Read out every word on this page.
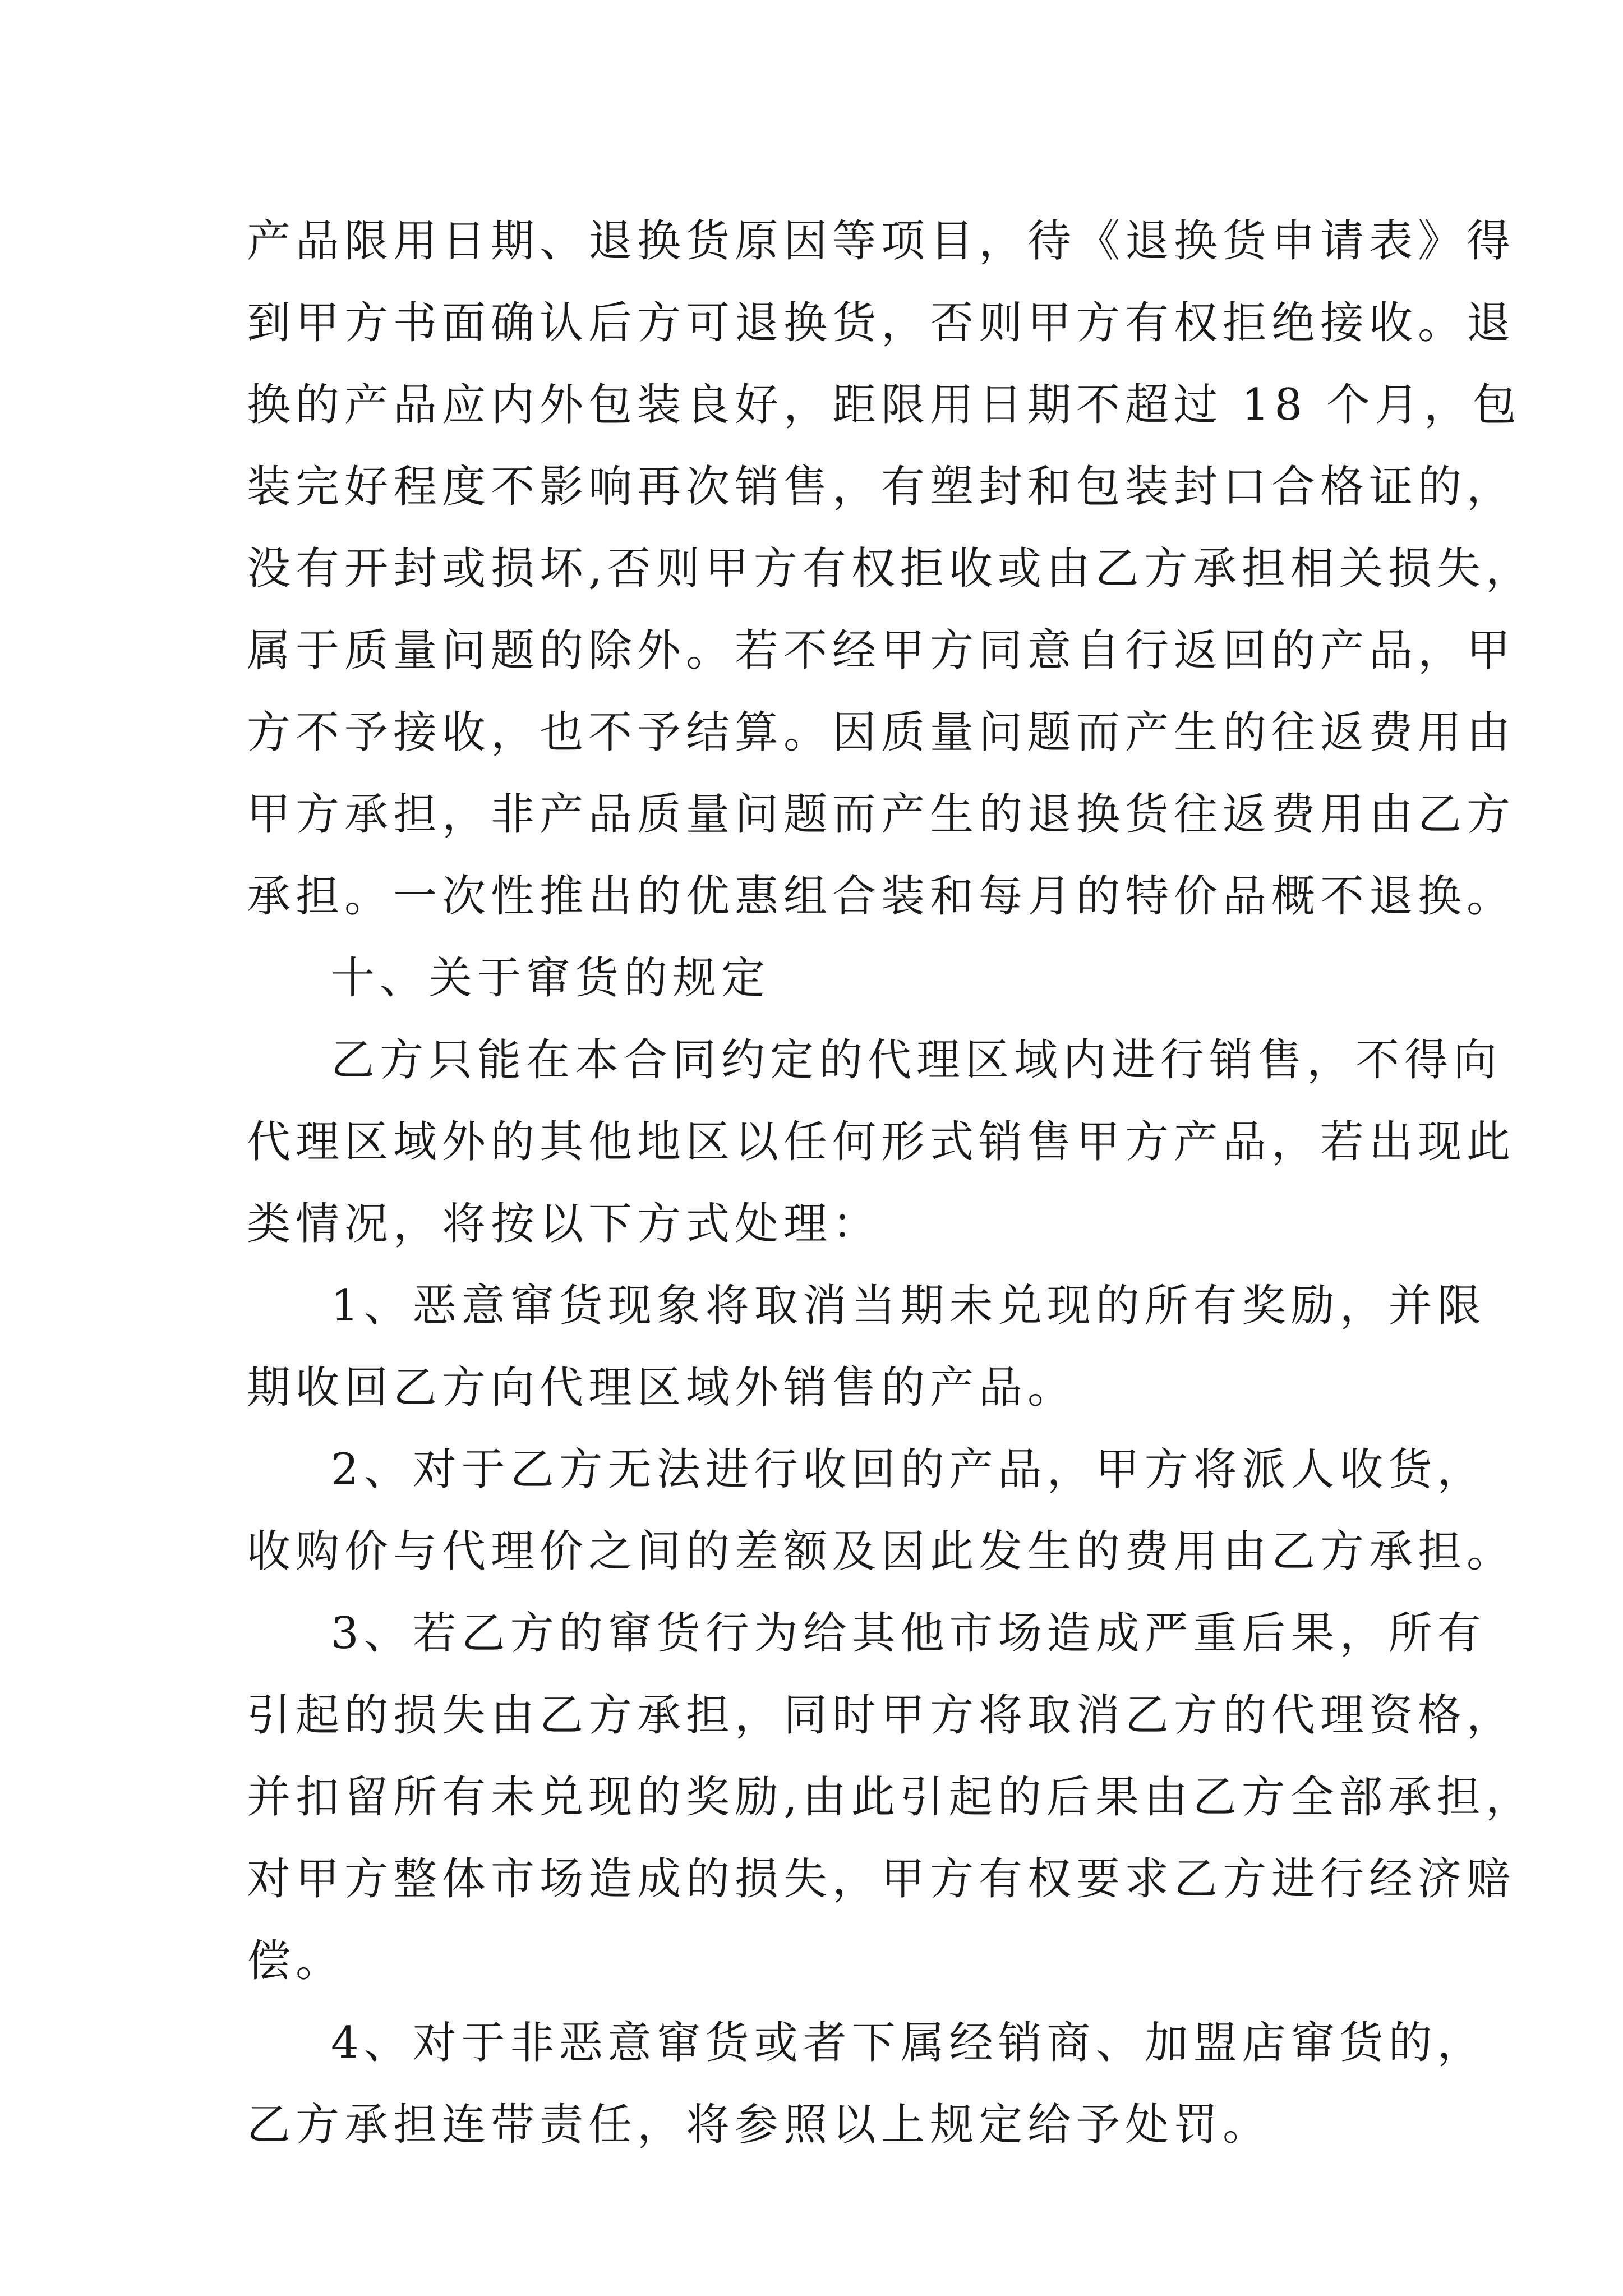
产品限用日期、退换货原因等项目，待《退换货申请表》得
到甲方书面确认后方可退换货，否则甲方有权拒绝接收。退
换的产品应内外包装良好，距限用日期不超过 18 个月，包
装完好程度不影响再次销售，有塑封和包装封口合格证的，
没有开封或损坏,否则甲方有权拒收或由乙方承担相关损失，
属于质量问题的除外。若不经甲方同意自行返回的产品，甲
方不予接收，也不予结算。因质量问题而产生的往返费用由
甲方承担，非产品质量问题而产生的退换货往返费用由乙方
承担。一次性推出的优惠组合装和每月的特价品概不退换。
十、关于窜货的规定
乙方只能在本合同约定的代理区域内进行销售，不得向
代理区域外的其他地区以任何形式销售甲方产品，若出现此
类情况，将按以下方式处理：
1、恶意窜货现象将取消当期未兑现的所有奖励，并限
期收回乙方向代理区域外销售的产品。
2、对于乙方无法进行收回的产品，甲方将派人收货，
收购价与代理价之间的差额及因此发生的费用由乙方承担。
3、若乙方的窜货行为给其他市场造成严重后果，所有
引起的损失由乙方承担，同时甲方将取消乙方的代理资格，
并扣留所有未兑现的奖励,由此引起的后果由乙方全部承担，
对甲方整体市场造成的损失，甲方有权要求乙方进行经济赔
偿。
4、对于非恶意窜货或者下属经销商、加盟店窜货的，
乙方承担连带责任，将参照以上规定给予处罚。
